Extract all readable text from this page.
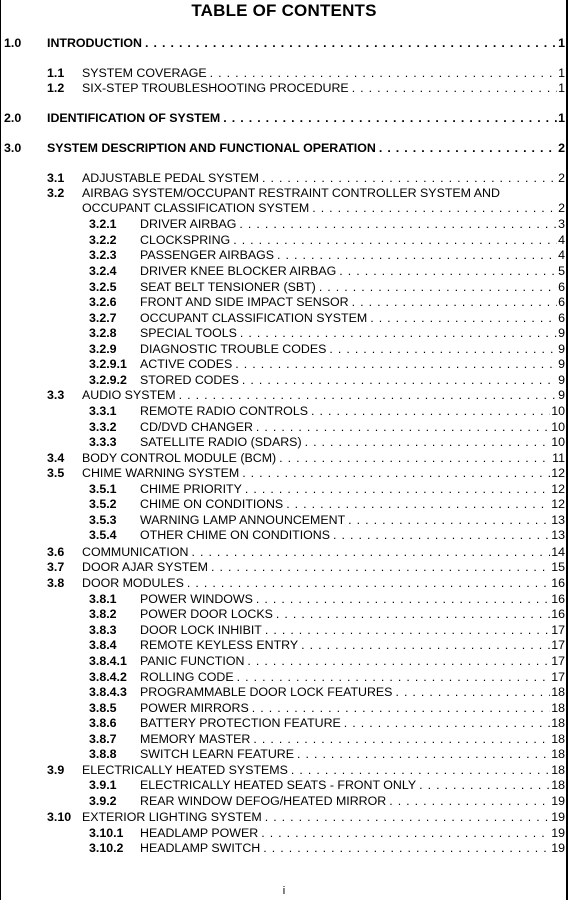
TABLE OF CONTENTS
1.0 INTRODUCTION . . .	1
1.1 SYSTEM COVERAGE . . .	1
1.2 SIX-STEP TROUBLESHOOTING PROCEDURE . . .	1
2.0 IDENTIFICATION OF SYSTEM . . .	1
3.0 SYSTEM DESCRIPTION AND FUNCTIONAL OPERATION . . .	2
3.1 ADJUSTABLE PEDAL SYSTEM . . .	2
3.2 AIRBAG SYSTEM/OCCUPANT RESTRAINT CONTROLLER SYSTEM AND
OCCUPANT CLASSIFICATION SYSTEM . . .	2
3.2.1 DRIVER AIRBAG . . .	3
3.2.2 CLOCKSPRING . . .	4
3.2.3 PASSENGER AIRBAGS . . .	4
3.2.4 DRIVER KNEE BLOCKER AIRBAG . . .	5
3.2.5 SEAT BELT TENSIONER (SBT) . . .	6
3.2.6 FRONT AND SIDE IMPACT SENSOR . . .	6
3.2.7 OCCUPANT CLASSIFICATION SYSTEM . . .	6
3.2.8 SPECIAL TOOLS . . .	9
3.2.9 DIAGNOSTIC TROUBLE CODES . . .	9
3.2.9.1 ACTIVE CODES . . .	9
3.2.9.2 STORED CODES . . .	9
3.3 AUDIO SYSTEM . . .	9
3.3.1 REMOTE RADIO CONTROLS . . .	10
3.3.2 CD/DVD CHANGER . . .	10
3.3.3 SATELLITE RADIO (SDARS) . . .	10
3.4 BODY CONTROL MODULE (BCM) . . .	11
3.5 CHIME WARNING SYSTEM . . .	12
3.5.1 CHIME PRIORITY . . .	12
3.5.2 CHIME ON CONDITIONS . . .	12
3.5.3 WARNING LAMP ANNOUNCEMENT . . .	13
3.5.4 OTHER CHIME ON CONDITIONS . . .	13
3.6 COMMUNICATION . . .	14
3.7 DOOR AJAR SYSTEM . . .	15
3.8 DOOR MODULES . . .	16
3.8.1 POWER WINDOWS . . .	16
3.8.2 POWER DOOR LOCKS . . .	16
3.8.3 DOOR LOCK INHIBIT . . .	17
3.8.4 REMOTE KEYLESS ENTRY . . .	17
3.8.4.1 PANIC FUNCTION . . .	17
3.8.4.2 ROLLING CODE . . .	17
3.8.4.3 PROGRAMMABLE DOOR LOCK FEATURES . . .	18
3.8.5 POWER MIRRORS . . .	18
3.8.6 BATTERY PROTECTION FEATURE . . .	18
3.8.7 MEMORY MASTER . . .	18
3.8.8 SWITCH LEARN FEATURE . . .	18
3.9 ELECTRICALLY HEATED SYSTEMS . . .	18
3.9.1 ELECTRICALLY HEATED SEATS - FRONT ONLY . . .	18
3.9.2 REAR WINDOW DEFOG/HEATED MIRROR . . .	19
3.10 EXTERIOR LIGHTING SYSTEM . . .	19
3.10.1 HEADLAMP POWER . . .	19
3.10.2 HEADLAMP SWITCH . . .	19
i
